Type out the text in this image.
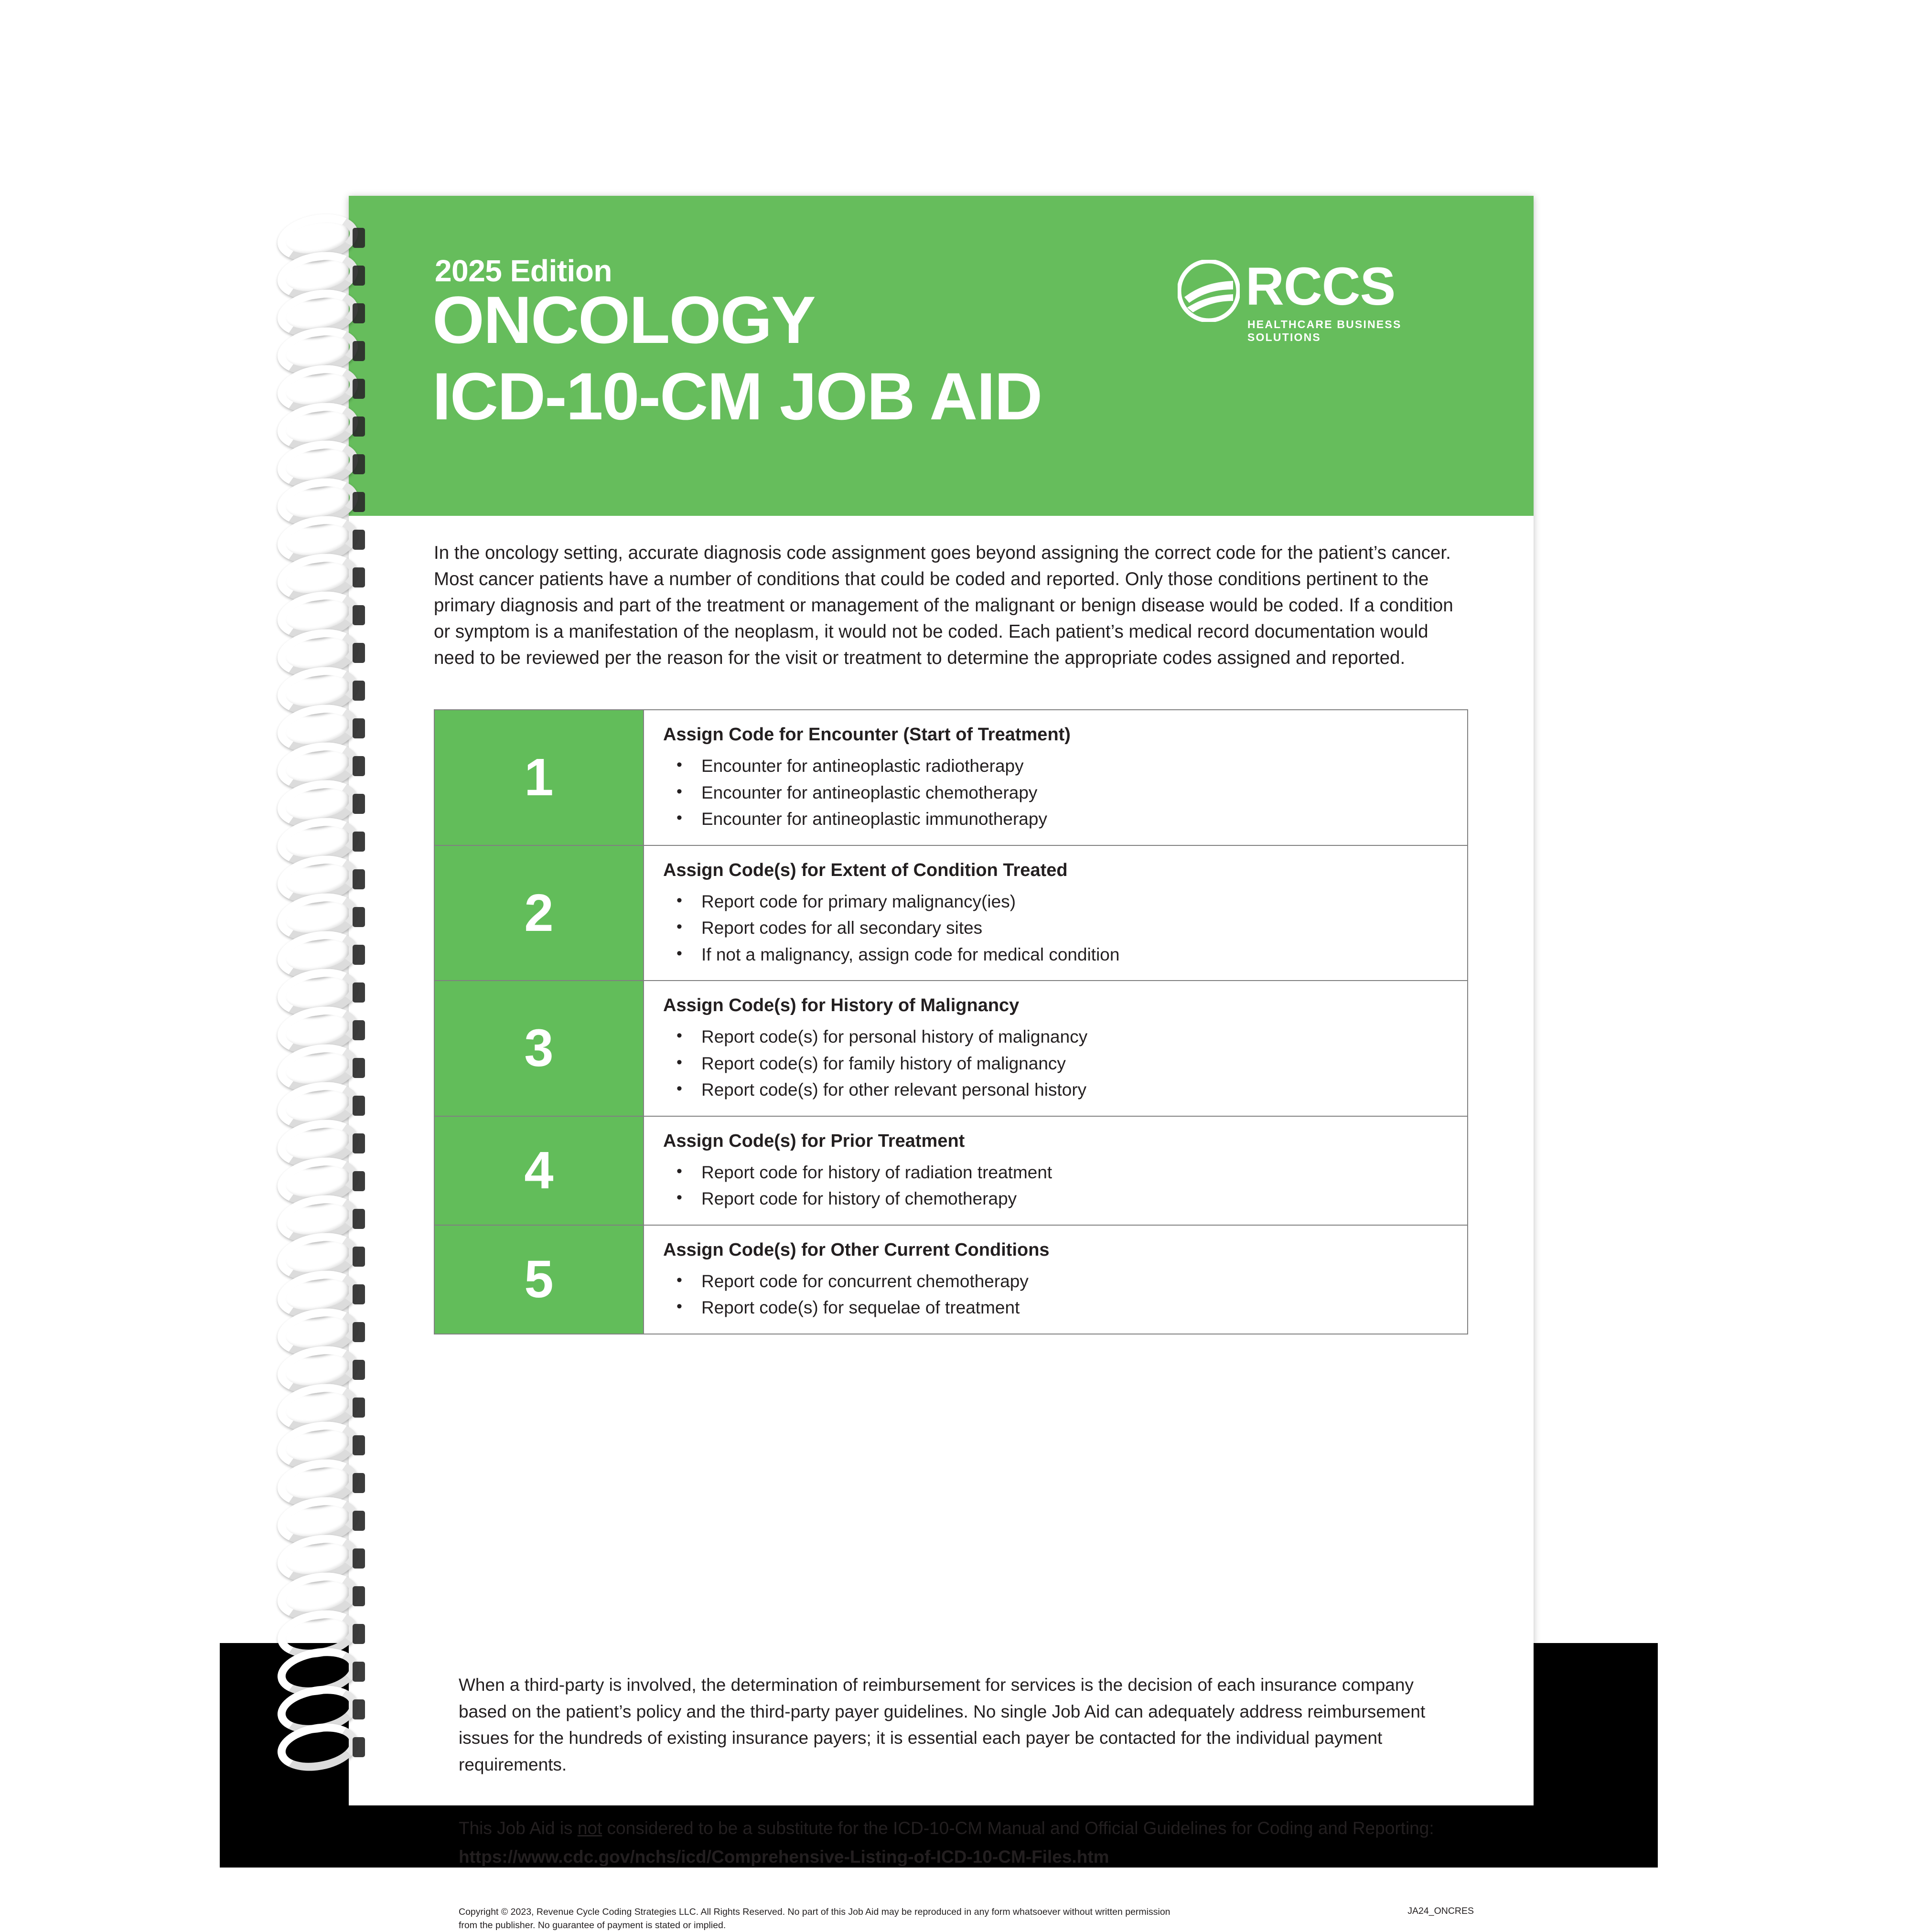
2025 Edition
ONCOLOGY
ICD-10-CM JOB AID
RCCS
HEALTHCARE BUSINESS SOLUTIONS
In the oncology setting, accurate diagnosis code assignment goes beyond assigning the correct code for the patient’s cancer. Most cancer patients have a number of conditions that could be coded and reported. Only those conditions pertinent to the primary diagnosis and part of the treatment or management of the malignant or benign disease would be coded. If a condition or symptom is a manifestation of the neoplasm, it would not be coded. Each patient’s medical record documentation would need to be reviewed per the reason for the visit or treatment to determine the appropriate codes assigned and reported.
1
Assign Code for Encounter (Start of Treatment)
• Encounter for antineoplastic radiotherapy
• Encounter for antineoplastic chemotherapy
• Encounter for antineoplastic immunotherapy
2
Assign Code(s) for Extent of Condition Treated
• Report code for primary malignancy(ies)
• Report codes for all secondary sites
• If not a malignancy, assign code for medical condition
3
Assign Code(s) for History of Malignancy
• Report code(s) for personal history of malignancy
• Report code(s) for family history of malignancy
• Report code(s) for other relevant personal history
4
Assign Code(s) for Prior Treatment
• Report code for history of radiation treatment
• Report code for history of chemotherapy
5
Assign Code(s) for Other Current Conditions
• Report code for concurrent chemotherapy
• Report code(s) for sequelae of treatment
When a third-party is involved, the determination of reimbursement for services is the decision of each insurance company based on the patient’s policy and the third-party payer guidelines. No single Job Aid can adequately address reimbursement issues for the hundreds of existing insurance payers; it is essential each payer be contacted for the individual payment requirements.
This Job Aid is not considered to be a substitute for the ICD-10-CM Manual and Official Guidelines for Coding and Reporting:
https://www.cdc.gov/nchs/icd/Comprehensive-Listing-of-ICD-10-CM-Files.htm
Copyright © 2023, Revenue Cycle Coding Strategies LLC. All Rights Reserved. No part of this Job Aid may be reproduced in any form whatsoever without written permission from the publisher. No guarantee of payment is stated or implied.
JA24_ONCRES
